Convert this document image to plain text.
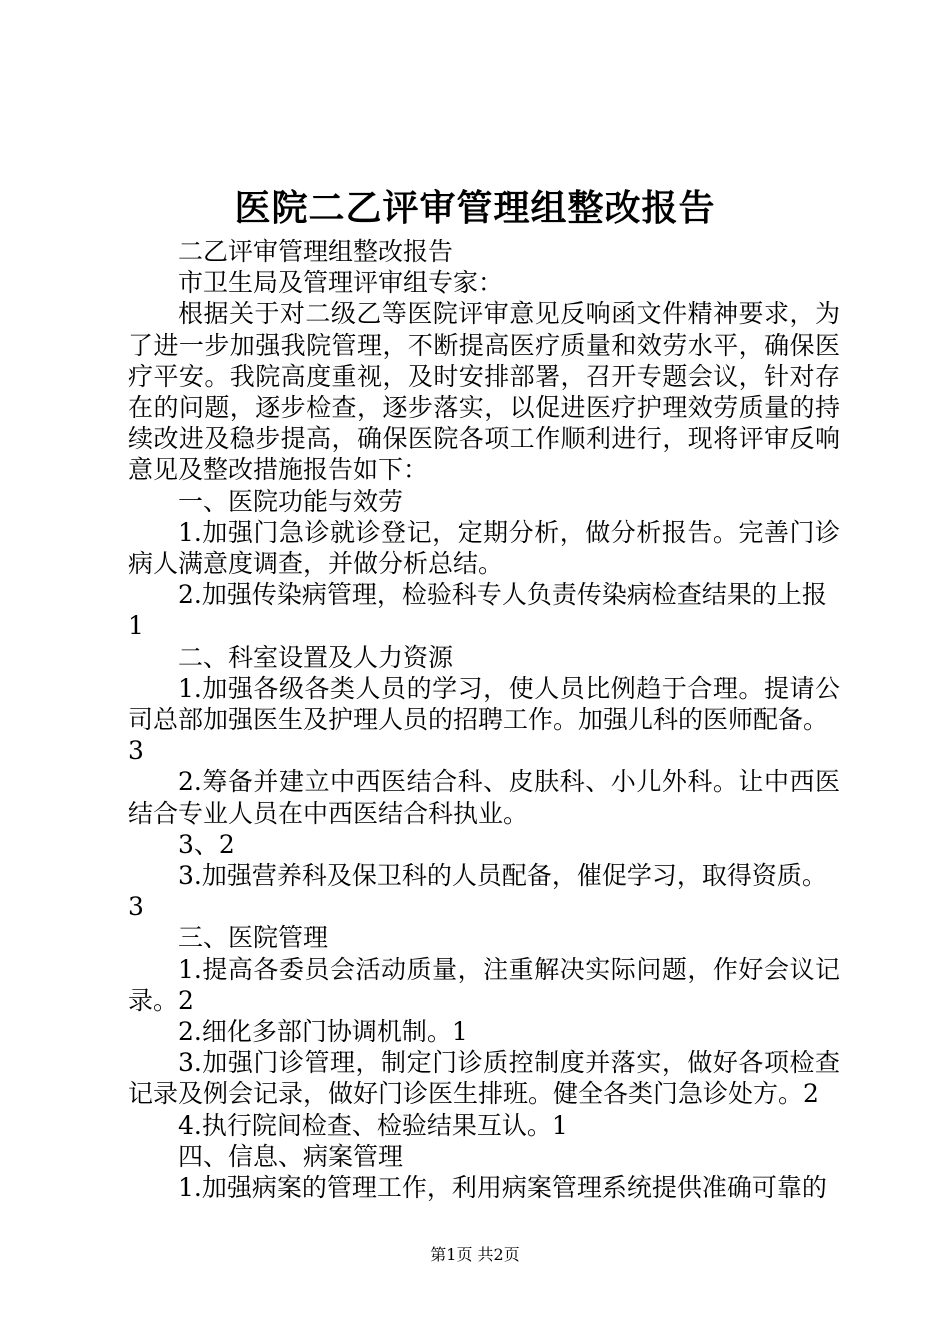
医院二乙评审管理组整改报告

二乙评审管理组整改报告

市卫生局及管理评审组专家：

根据关于对二级乙等医院评审意见反响函文件精神要求，为了进一步加强我院管理，不断提高医疗质量和效劳水平，确保医疗平安。我院高度重视，及时安排部署，召开专题会议，针对存在的问题，逐步检查，逐步落实，以促进医疗护理效劳质量的持续改进及稳步提高，确保医院各项工作顺利进行，现将评审反响意见及整改措施报告如下：

一、医院功能与效劳

1.加强门急诊就诊登记，定期分析，做分析报告。完善门诊病人满意度调查，并做分析总结。

2.加强传染病管理，检验科专人负责传染病检查结果的上报

1

二、科室设置及人力资源

1.加强各级各类人员的学习，使人员比例趋于合理。提请公司总部加强医生及护理人员的招聘工作。加强儿科的医师配备。

3

2.筹备并建立中西医结合科、皮肤科、小儿外科。让中西医结合专业人员在中西医结合科执业。

3、2

3.加强营养科及保卫科的人员配备，催促学习，取得资质。

3

三、医院管理

1.提高各委员会活动质量，注重解决实际问题，作好会议记录。2

2.细化多部门协调机制。1

3.加强门诊管理，制定门诊质控制度并落实，做好各项检查记录及例会记录，做好门诊医生排班。健全各类门急诊处方。2

4.执行院间检查、检验结果互认。1

四、信息、病案管理

1.加强病案的管理工作，利用病案管理系统提供准确可靠的

第1页 共2页
